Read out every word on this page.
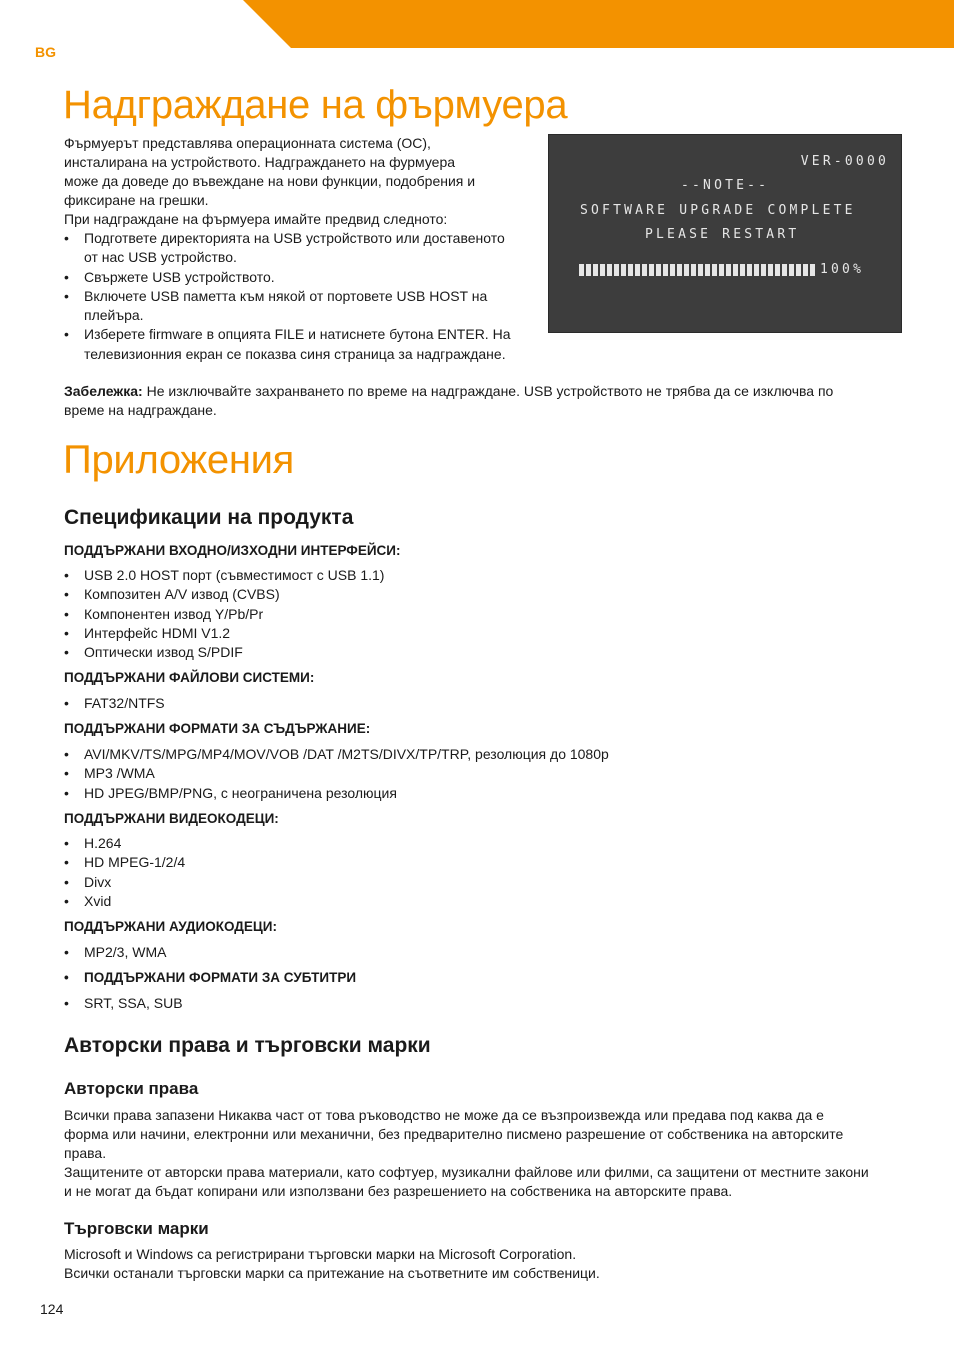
BG
Надграждане на фърмуера
Фърмуерът представлява операционната система (ОС),
инсталирана на устройството. Надграждането на фурмуера
може да доведе до въвеждане на нови функции, подобрения и
фиксиране на грешки.
При надграждане на фърмуера имайте предвид следното:
• Подгответе директорията на USB устройството или доставеното
от нас USB устройство.
• Свържете USB устройството.
• Включете USB паметта към някой от портовете USB HOST на
плейъра.
• Изберете firmware в опцията FILE и натиснете бутона ENTER. На
телевизионния екран се показва синя страница за надграждане.
VER-0000
--NOTE--
SOFTWARE UPGRADE COMPLETE
PLEASE RESTART
100%
Забележка: Не изключвайте захранването по време на надграждане. USB устройството не трябва да се изключва по
време на надграждане.
Приложения
Спецификации на продукта
ПОДДЪРЖАНИ ВХОДНО/ИЗХОДНИ ИНТЕРФЕЙСИ:
• USB 2.0 HOST порт (съвместимост с USB 1.1)
• Композитен A/V извод (CVBS)
• Компонентен извод Y/Pb/Pr
• Интерфейс HDMI V1.2
• Оптически извод S/PDIF
ПОДДЪРЖАНИ ФАЙЛОВИ СИСТЕМИ:
• FAT32/NTFS
ПОДДЪРЖАНИ ФОРМАТИ ЗА СЪДЪРЖАНИЕ:
• AVI/MKV/TS/MPG/MP4/MOV/VOB /DAT /M2TS/DIVX/TP/TRP, резолюция до 1080p
• MP3 /WMA
• HD JPEG/BMP/PNG, с неограничена резолюция
ПОДДЪРЖАНИ ВИДЕОКОДЕЦИ:
• H.264
• HD MPEG-1/2/4
• Divx
• Xvid
ПОДДЪРЖАНИ АУДИОКОДЕЦИ:
• MP2/3, WMA
• ПОДДЪРЖАНИ ФОРМАТИ ЗА СУБТИТРИ
• SRT, SSA, SUB
Авторски права и търговски марки
Авторски права
Всички права запазени Никаква част от това ръководство не може да се възпроизвежда или предава под каква да е
форма или начини, електронни или механични, без предварително писмено разрешение от собственика на авторските
права.
Защитените от авторски права материали, като софтуер, музикални файлове или филми, са защитени от местните закони
и не могат да бъдат копирани или използвани без разрешението на собственика на авторските права.
Търговски марки
Microsoft и Windows са регистрирани търговски марки на Microsoft Corporation.
Всички останали търговски марки са притежание на съответните им собственици.
124
